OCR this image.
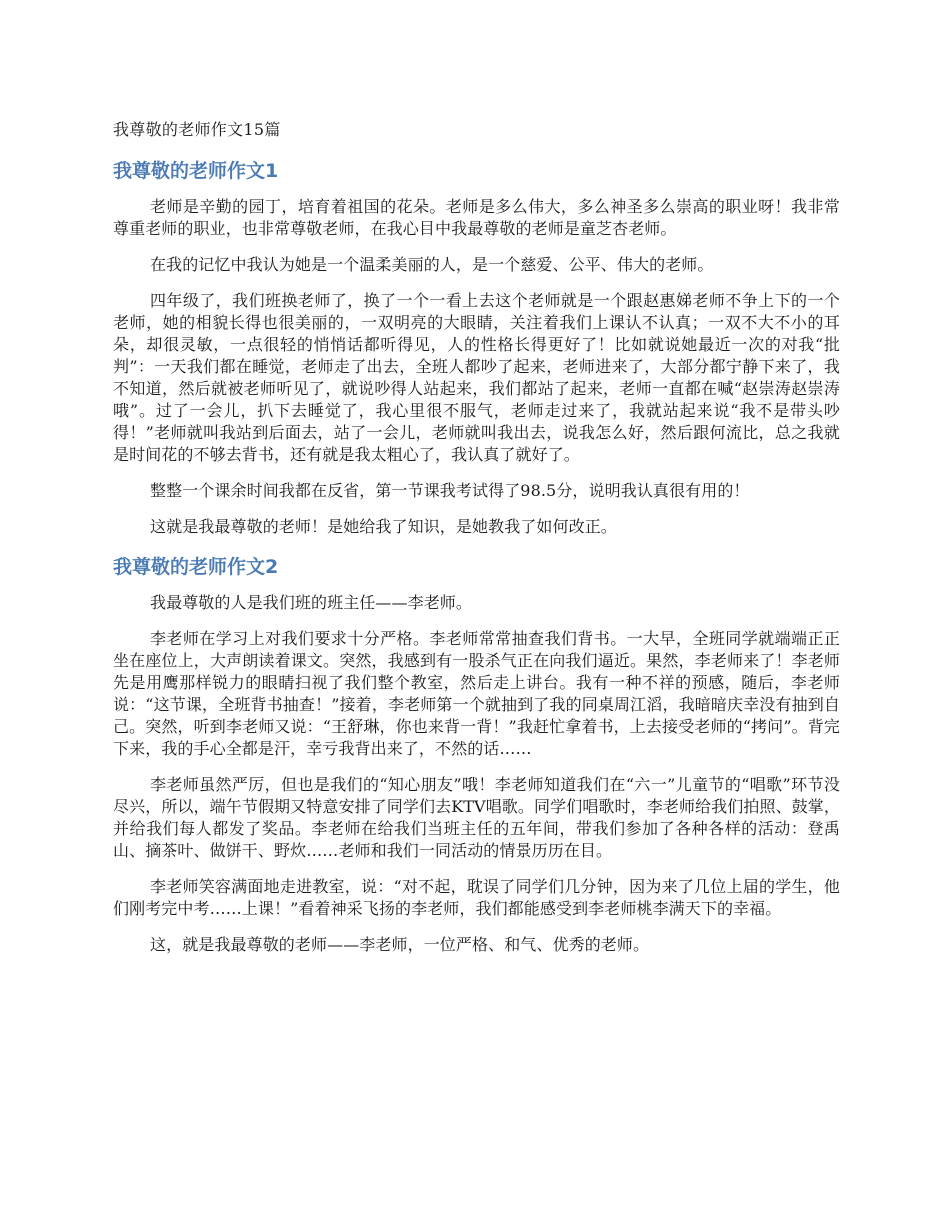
我尊敬的老师作文15篇
我尊敬的老师作文1

老师是辛勤的园丁，培育着祖国的花朵。老师是多么伟大，多么神圣多么崇高的职业呀！我非常尊重老师的职业，也非常尊敬老师，在我心目中我最尊敬的老师是童芝杏老师。

在我的记忆中我认为她是一个温柔美丽的人，是一个慈爱、公平、伟大的老师。

四年级了，我们班换老师了，换了一个一看上去这个老师就是一个跟赵惠娣老师不争上下的一个老师，她的相貌长得也很美丽的，一双明亮的大眼睛，关注着我们上课认不认真；一双不大不小的耳朵，却很灵敏，一点很轻的悄悄话都听得见，人的性格长得更好了！比如就说她最近一次的对我“批判”：一天我们都在睡觉，老师走了出去，全班人都吵了起来，老师进来了，大部分都宁静下来了，我不知道，然后就被老师听见了，就说吵得人站起来，我们都站了起来，老师一直都在喊“赵崇涛赵崇涛哦”。过了一会儿，扒下去睡觉了，我心里很不服气，老师走过来了，我就站起来说“我不是带头吵得！”老师就叫我站到后面去，站了一会儿，老师就叫我出去，说我怎么好，然后跟何流比，总之我就是时间花的不够去背书，还有就是我太粗心了，我认真了就好了。

整整一个课余时间我都在反省，第一节课我考试得了98.5分，说明我认真很有用的！

这就是我最尊敬的老师！是她给我了知识，是她教我了如何改正。

我尊敬的老师作文2

我最尊敬的人是我们班的班主任——李老师。

李老师在学习上对我们要求十分严格。李老师常常抽查我们背书。一大早，全班同学就端端正正坐在座位上，大声朗读着课文。突然，我感到有一股杀气正在向我们逼近。果然，李老师来了！李老师先是用鹰那样锐力的眼睛扫视了我们整个教室，然后走上讲台。我有一种不祥的预感，随后，李老师说：“这节课，全班背书抽查！”接着，李老师第一个就抽到了我的同桌周江滔，我暗暗庆幸没有抽到自己。突然，听到李老师又说：“王舒琳，你也来背一背！”我赶忙拿着书，上去接受老师的“拷问”。背完下来，我的手心全都是汗，幸亏我背出来了，不然的话……

李老师虽然严厉，但也是我们的“知心朋友”哦！李老师知道我们在“六一”儿童节的“唱歌”环节没尽兴，所以，端午节假期又特意安排了同学们去KTV唱歌。同学们唱歌时，李老师给我们拍照、鼓掌，并给我们每人都发了奖品。李老师在给我们当班主任的五年间，带我们参加了各种各样的活动：登禹山、摘茶叶、做饼干、野炊……老师和我们一同活动的情景历历在目。

李老师笑容满面地走进教室，说：“对不起，耽误了同学们几分钟，因为来了几位上届的学生，他们刚考完中考……上课！”看着神采飞扬的李老师，我们都能感受到李老师桃李满天下的幸福。

这，就是我最尊敬的老师——李老师，一位严格、和气、优秀的老师。
